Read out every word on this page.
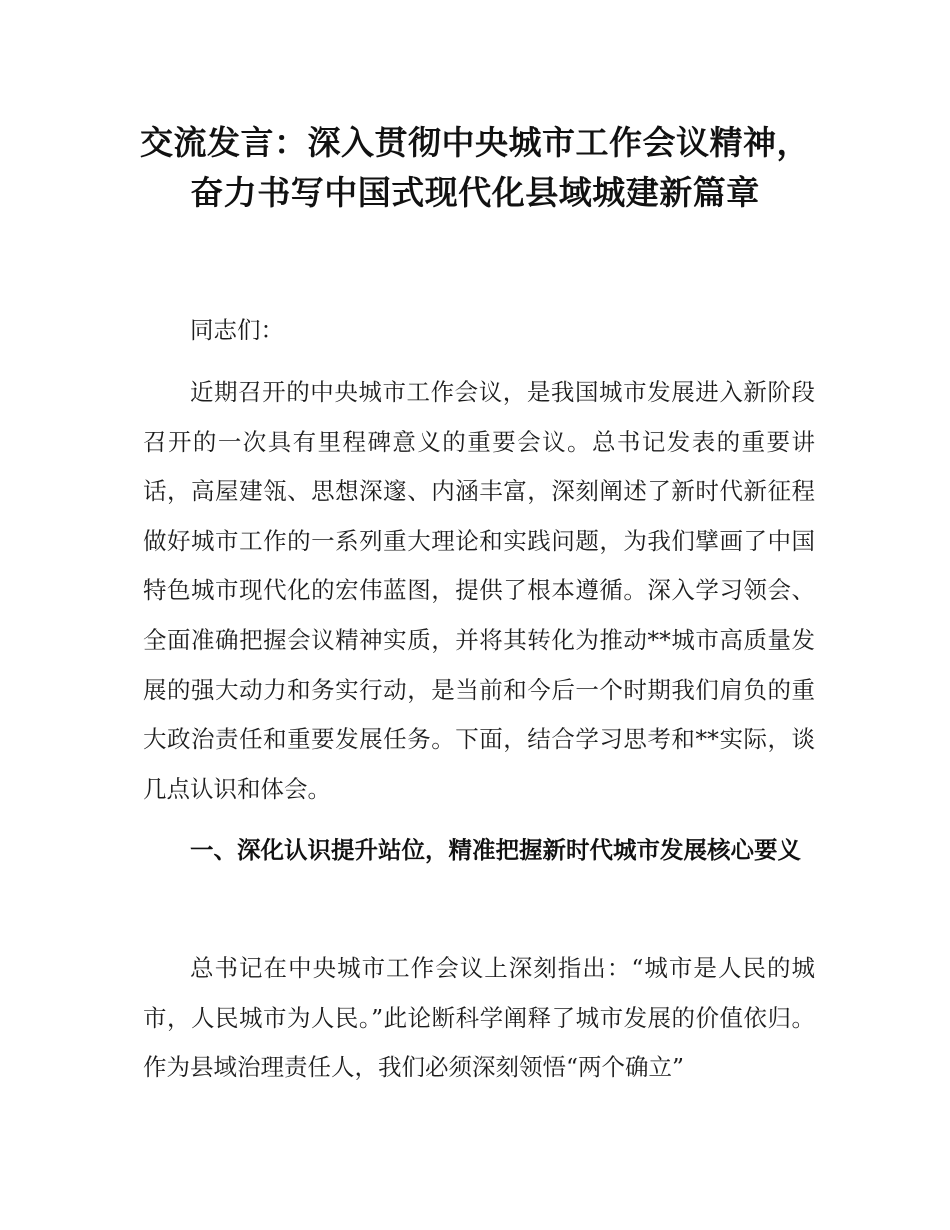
交流发言：深入贯彻中央城市工作会议精神，
奋力书写中国式现代化县域城建新篇章

同志们：

近期召开的中央城市工作会议，是我国城市发展进入新阶段召开的一次具有里程碑意义的重要会议。总书记发表的重要讲话，高屋建瓴、思想深邃、内涵丰富，深刻阐述了新时代新征程做好城市工作的一系列重大理论和实践问题，为我们擘画了中国特色城市现代化的宏伟蓝图，提供了根本遵循。深入学习领会、全面准确把握会议精神实质，并将其转化为推动**城市高质量发展的强大动力和务实行动，是当前和今后一个时期我们肩负的重大政治责任和重要发展任务。下面，结合学习思考和**实际，谈几点认识和体会。

一、深化认识提升站位，精准把握新时代城市发展核心要义

总书记在中央城市工作会议上深刻指出：“城市是人民的城市，人民城市为人民。”此论断科学阐释了城市发展的价值依归。作为县域治理责任人，我们必须深刻领悟“两个确立”
